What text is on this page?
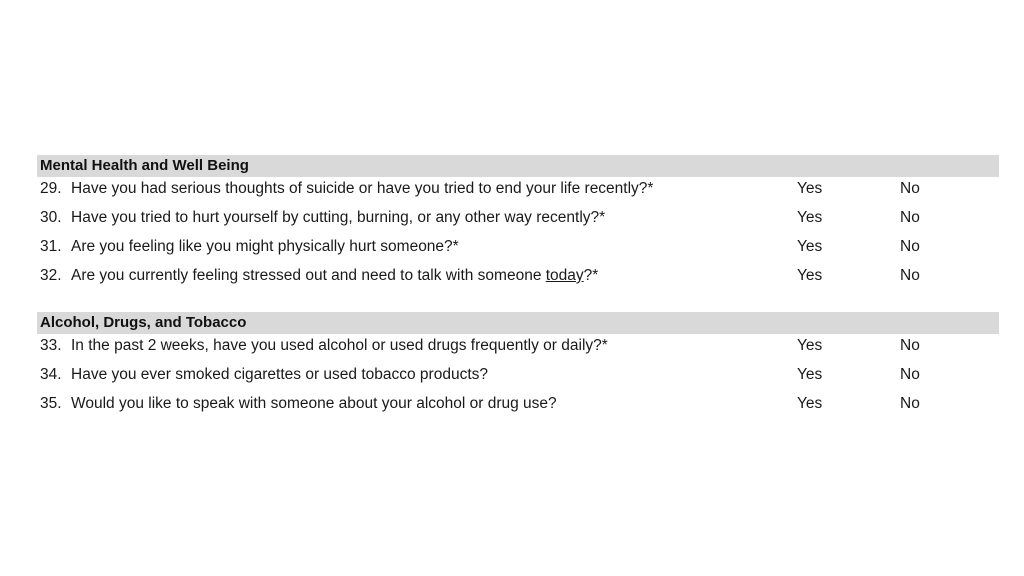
Mental Health and Well Being
29. Have you had serious thoughts of suicide or have you tried to end your life recently?*	Yes	No
30. Have you tried to hurt yourself by cutting, burning, or any other way recently?*	Yes	No
31. Are you feeling like you might physically hurt someone?*	Yes	No
32. Are you currently feeling stressed out and need to talk with someone today?*	Yes	No
Alcohol, Drugs, and Tobacco
33. In the past 2 weeks, have you used alcohol or used drugs frequently or daily?*	Yes	No
34. Have you ever smoked cigarettes or used tobacco products?	Yes	No
35. Would you like to speak with someone about your alcohol or drug use?	Yes	No
